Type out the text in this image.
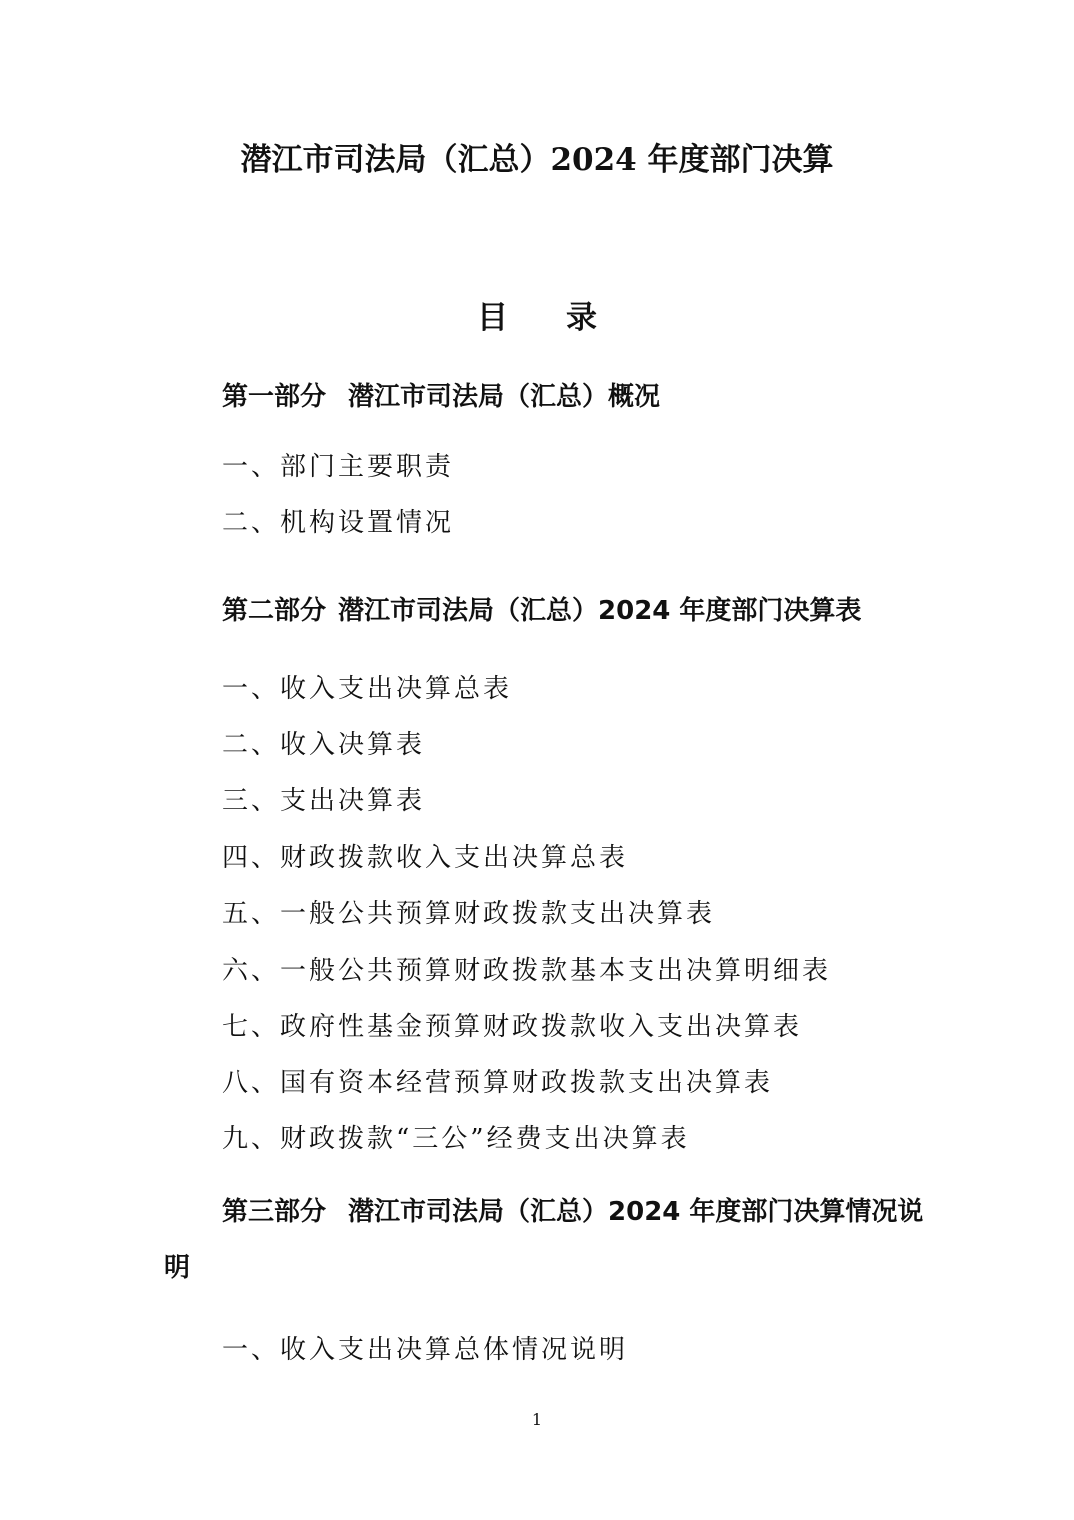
潜江市司法局（汇总）2024 年度部门决算
目 录
第一部分 潜江市司法局（汇总）概况
一、部门主要职责
二、机构设置情况
第二部分 潜江市司法局（汇总）2024 年度部门决算表
一、收入支出决算总表
二、收入决算表
三、支出决算表
四、财政拨款收入支出决算总表
五、一般公共预算财政拨款支出决算表
六、一般公共预算财政拨款基本支出决算明细表
七、政府性基金预算财政拨款收入支出决算表
八、国有资本经营预算财政拨款支出决算表
九、财政拨款“三公”经费支出决算表
第三部分 潜江市司法局（汇总）2024 年度部门决算情况说明
一、收入支出决算总体情况说明
1
